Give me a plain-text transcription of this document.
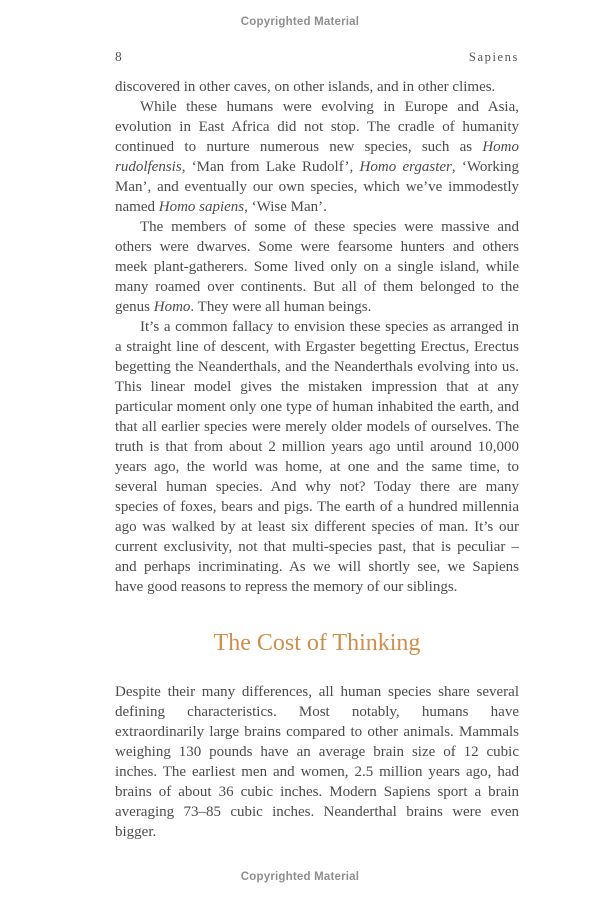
Copyrighted Material
8	Sapiens

discovered in other caves, on other islands, and in other climes.

While these humans were evolving in Europe and Asia, evolution in East Africa did not stop. The cradle of humanity continued to nurture numerous new species, such as Homo rudolfensis, ‘Man from Lake Rudolf’, Homo ergaster, ‘Working Man’, and eventually our own species, which we’ve immodestly named Homo sapiens, ‘Wise Man’.

The members of some of these species were massive and others were dwarves. Some were fearsome hunters and others meek plant-gatherers. Some lived only on a single island, while many roamed over continents. But all of them belonged to the genus Homo. They were all human beings.

It’s a common fallacy to envision these species as arranged in a straight line of descent, with Ergaster begetting Erectus, Erectus begetting the Neanderthals, and the Neanderthals evolving into us. This linear model gives the mistaken impression that at any particular moment only one type of human inhabited the earth, and that all earlier species were merely older models of ourselves. The truth is that from about 2 million years ago until around 10,000 years ago, the world was home, at one and the same time, to several human species. And why not? Today there are many species of foxes, bears and pigs. The earth of a hundred millennia ago was walked by at least six different species of man. It’s our current exclusivity, not that multi-species past, that is peculiar – and perhaps incriminating. As we will shortly see, we Sapiens have good reasons to repress the memory of our siblings.

The Cost of Thinking

Despite their many differences, all human species share several defining characteristics. Most notably, humans have extraordinarily large brains compared to other animals. Mammals weighing 130 pounds have an average brain size of 12 cubic inches. The earliest men and women, 2.5 million years ago, had brains of about 36 cubic inches. Modern Sapiens sport a brain averaging 73–85 cubic inches. Neanderthal brains were even bigger.

Copyrighted Material
